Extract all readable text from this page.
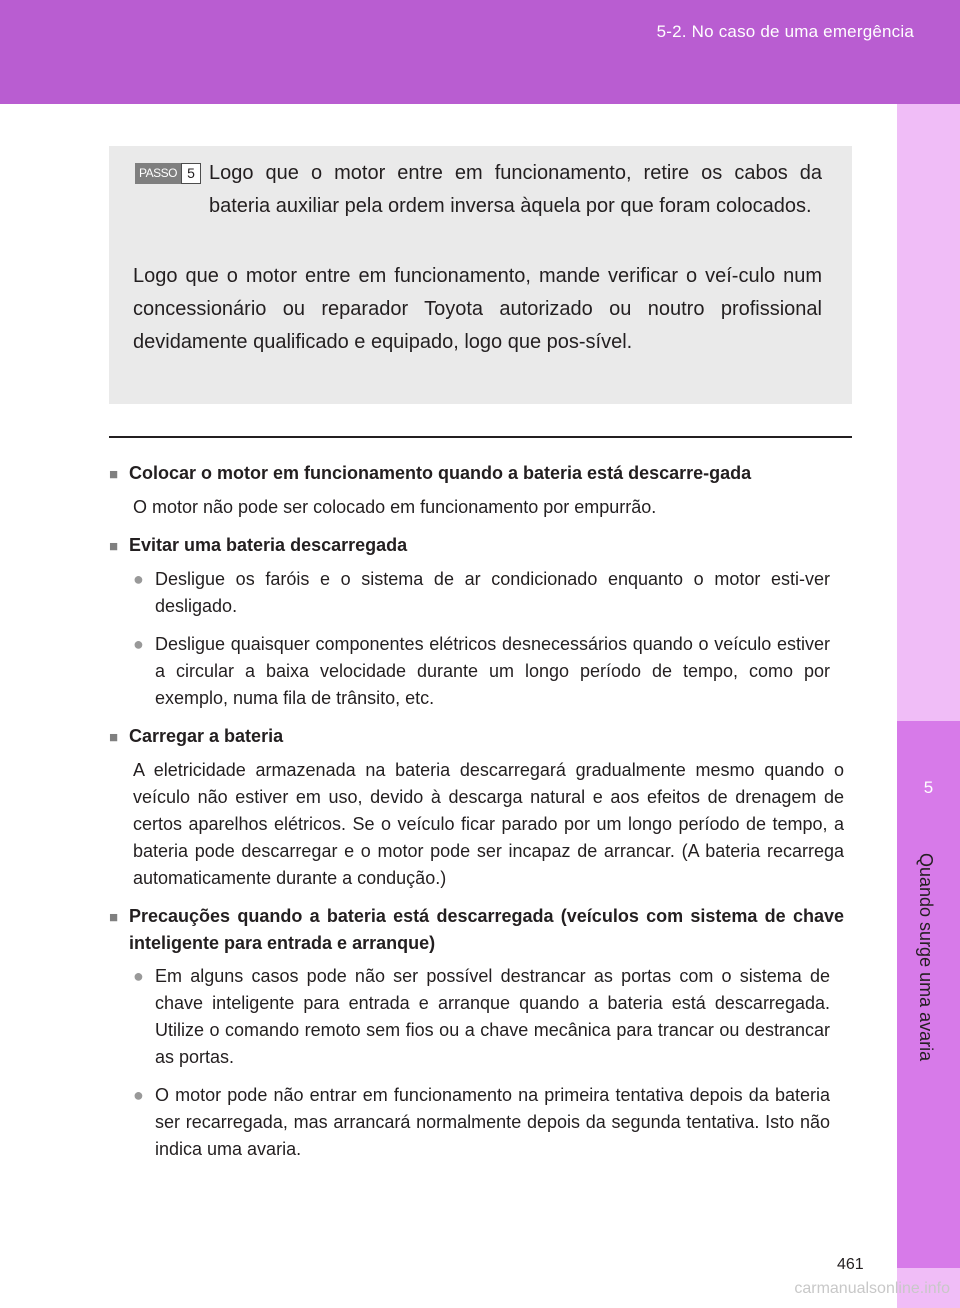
5-2. No caso de uma emergência
5
Quando surge uma avaria
PASSO 5 Logo que o motor entre em funcionamento, retire os cabos da bateria auxiliar pela ordem inversa àquela por que foram colocados.
Logo que o motor entre em funcionamento, mande verificar o veí-culo num concessionário ou reparador Toyota autorizado ou noutro profissional devidamente qualificado e equipado, logo que pos-sível.
■ Colocar o motor em funcionamento quando a bateria está descarre-gada
O motor não pode ser colocado em funcionamento por empurrão.
■ Evitar uma bateria descarregada
● Desligue os faróis e o sistema de ar condicionado enquanto o motor esti-ver desligado.
● Desligue quaisquer componentes elétricos desnecessários quando o veículo estiver a circular a baixa velocidade durante um longo período de tempo, como por exemplo, numa fila de trânsito, etc.
■ Carregar a bateria
A eletricidade armazenada na bateria descarregará gradualmente mesmo quando o veículo não estiver em uso, devido à descarga natural e aos efeitos de drenagem de certos aparelhos elétricos. Se o veículo ficar parado por um longo período de tempo, a bateria pode descarregar e o motor pode ser incapaz de arrancar. (A bateria recarrega automaticamente durante a condução.)
■ Precauções quando a bateria está descarregada (veículos com sistema de chave inteligente para entrada e arranque)
● Em alguns casos pode não ser possível destrancar as portas com o sistema de chave inteligente para entrada e arranque quando a bateria está descarregada. Utilize o comando remoto sem fios ou a chave mecânica para trancar ou destrancar as portas.
● O motor pode não entrar em funcionamento na primeira tentativa depois da bateria ser recarregada, mas arrancará normalmente depois da segunda tentativa. Isto não indica uma avaria.
461
carmanualsonline.info
